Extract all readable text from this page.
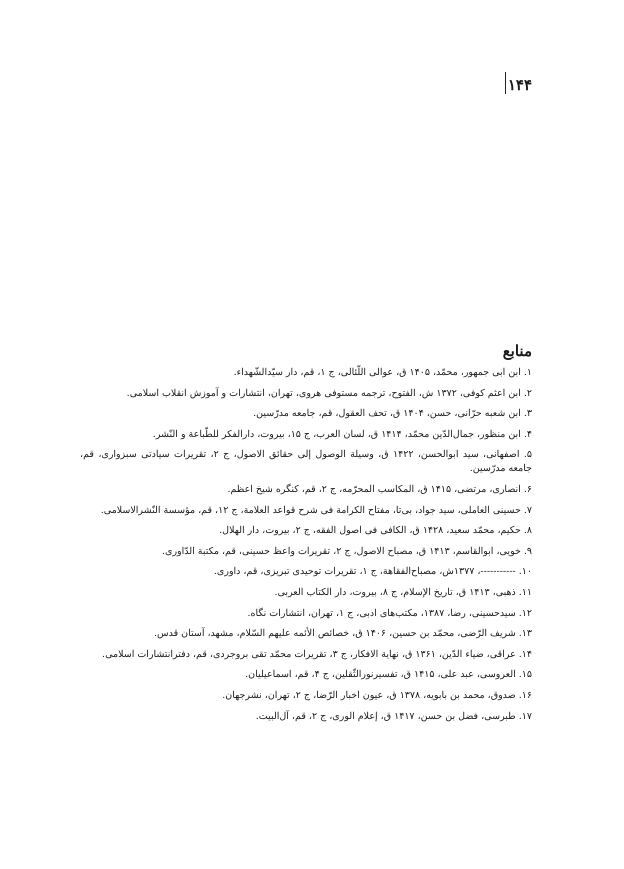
۱۴۴
منابع
۱. ابن ابی جمهور، محمّد، ۱۴۰۵ ق، عوالی اللّئالی، ج ۱، قم، دار سیّدالشّهداء.
۲. ابن اعثم کوفی، ۱۳۷۲ ش، الفتوح، ترجمه مستوفی هروی، تهران، انتشارات و آموزش انقلاب اسلامی.
۳. ابن شعبه حرّانی، حسن، ۱۴۰۴ ق، تحف العقول، قم، جامعه مدرّسین.
۴. ابن منظور، جمال‌الدّین محمّد، ۱۴۱۴ ق، لسان العرب، ج ۱۵، بیروت، دارالفکر للطّباعة و النّشر.
۵. اصفهانی، سید ابوالحسن، ۱۴۲۲ ق، وسیلة الوصول إلی حقائق الاصول، ج ۲، تقریرات سیادتی سبزواری، قم، جامعه مدرّسین.
۶. انصاری، مرتضی، ۱۴۱۵ ق، المکاسب المحرّمه، ج ۲، قم، کنگره شیخ اعظم.
۷. حسینی العاملی، سید جواد، بی‌تا، مفتاح الکرامة فی شرح قواعد العلامة، ج ۱۲، قم، مؤسسة النّشرالاسلامی.
۸. حکیم، محمّد سعید، ۱۴۲۸ ق، الکافی فی اصول الفقه، ج ۲، بیروت، دار الهلال.
۹. خویی، ابوالقاسم، ۱۴۱۳ ق، مصباح الاصول، ج ۲، تقریرات واعظ حسینی، قم، مکتبة الدّاوری.
۱۰. -----------، ۱۳۷۷ش، مصباح‌الفقاهة، ج ۱، تقریرات توحیدی تبریزی، قم، داوری.
۱۱. ذهبی، ۱۴۱۳ ق، تاریخ الإسلام، ج ۸، بیروت، دار الکتاب العربی.
۱۲. سیدحسینی، رضا، ۱۳۸۷، مکتب‌های ادبی، ج ۱، تهران، انتشارات نگاه.
۱۳. شریف الرّضی، محمّد بن حسین، ۱۴۰۶ ق، خصائص الأئمه علیهم السّلام، مشهد، آستان قدس.
۱۴. عراقی، ضیاء الدّین، ۱۳۶۱ ق، نهایة الافکار، ج ۳، تقریرات محمّد تقی بروجردی، قم، دفترانتشارات اسلامی.
۱۵. العروسی، عبد علی، ۱۴۱۵ ق، تفسیرنورالثّقلین، ج ۴، قم، اسماعیلیان.
۱۶. صدوق، محمد بن بابویه، ۱۳۷۸ ق، عیون اخبار الرّضا، ج ۲، تهران، نشرجهان.
۱۷. طبرسی، فضل بن حسن، ۱۴۱۷ ق، إعلام الوری، ج ۲، قم، آل‌البیت.
